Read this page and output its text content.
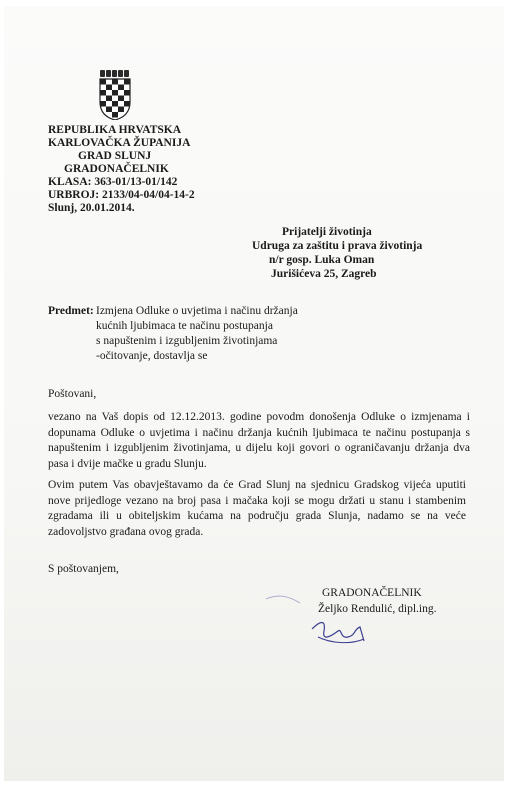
REPUBLIKA HRVATSKA
KARLOVAČKA ŽUPANIJA
GRAD SLUNJ
GRADONAČELNIK
KLASA: 363-01/13-01/142
URBROJ: 2133/04-04/04-14-2
Slunj, 20.01.2014.
Prijatelji životinja
Udruga za zaštitu i prava životinja
n/r gosp. Luka Oman
Jurišićeva 25, Zagreb
Predmet: Izmjena Odluke o uvjetima i načinu držanja
kućnih ljubimaca te načinu postupanja
s napuštenim i izgubljenim životinjama
-očitovanje, dostavlja se
Poštovani,
vezano na Vaš dopis od 12.12.2013. godine povodm donošenja Odluke o izmjenama i dopunama Odluke o uvjetima i načinu držanja kućnih ljubimaca te načinu postupanja s napuštenim i izgubljenim životinjama, u dijelu koji govori o ograničavanju držanja dva pasa i dvije mačke u gradu Slunju.
Ovim putem Vas obavještavamo da će Grad Slunj na sjednicu Gradskog vijeća uputiti nove prijedloge vezano na broj pasa i mačaka koji se mogu držati u stanu i stambenim zgradama ili u obiteljskim kućama na području grada Slunja, nadamo se na veće zadovoljstvo građana ovog grada.
S poštovanjem,
GRADONAČELNIK
Željko Rendulić, dipl.ing.
